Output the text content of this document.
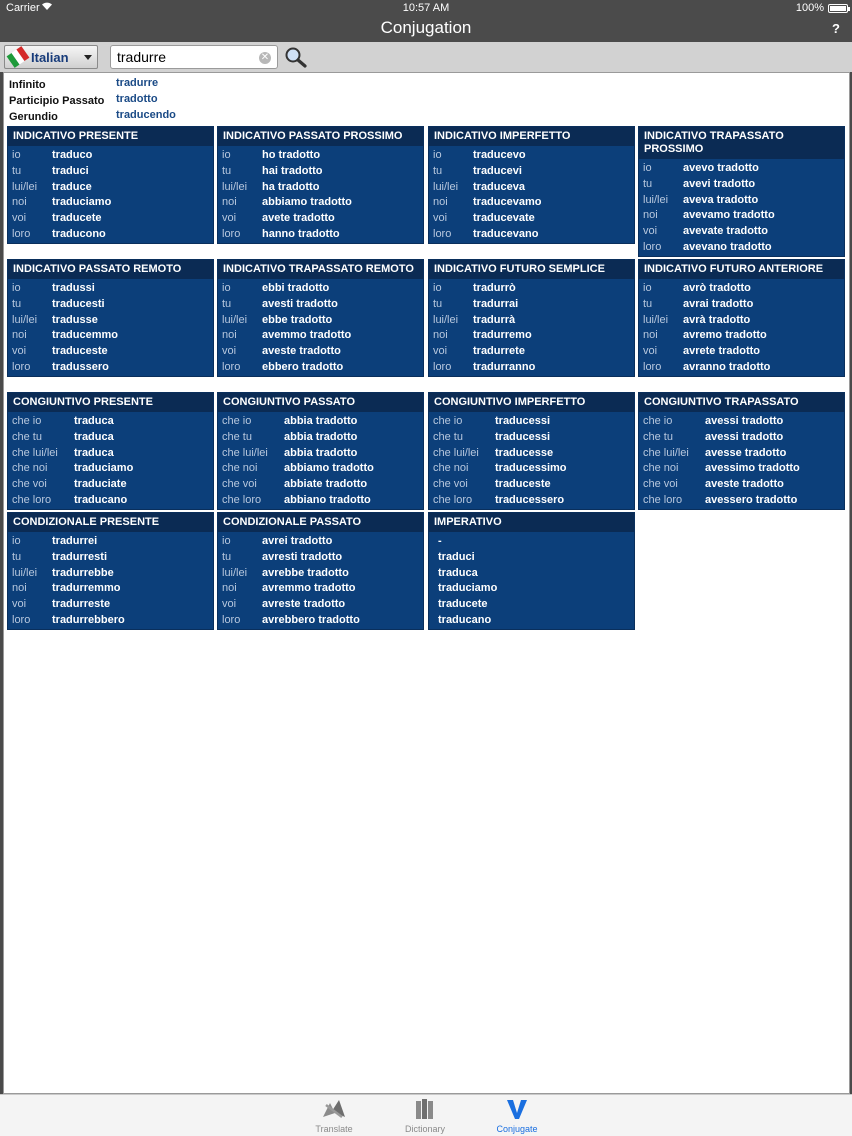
Carrier	10:57 AM	100%
Conjugation	?
Italian
tradurre	✕
Infinito	tradurre
Participio Passato tradotto
Gerundio	traducendo
INDICATIVO PRESENTE
io	traduco
tu	traduci
lui/lei traduce
noi traduciamo
voi traducete
loro traducono
INDICATIVO PASSATO PROSSIMO
io	ho tradotto
tu	hai tradotto
lui/lei ha tradotto
noi abbiamo tradotto
voi avete tradotto
loro hanno tradotto
INDICATIVO IMPERFETTO
io	traducevo
tu	traducevi
lui/lei traduceva
noi traducevamo
voi traducevate
loro traducevano
INDICATIVO TRAPASSATO PROSSIMO
io	avevo tradotto
tu	avevi tradotto
lui/lei aveva tradotto
noi avevamo tradotto
voi avevate tradotto
loro avevano tradotto
INDICATIVO PASSATO REMOTO
io	tradussi
tu	traducesti
lui/lei tradusse
noi traducemmo
voi traduceste
loro tradussero
INDICATIVO TRAPASSATO REMOTO
io	ebbi tradotto
tu	avesti tradotto
lui/lei ebbe tradotto
noi avemmo tradotto
voi aveste tradotto
loro ebbero tradotto
INDICATIVO FUTURO SEMPLICE
io	tradurrò
tu	tradurrai
lui/lei tradurrà
noi tradurremo
voi tradurrete
loro tradurranno
INDICATIVO FUTURO ANTERIORE
io	avrò tradotto
tu	avrai tradotto
lui/lei avrà tradotto
noi avremo tradotto
voi avrete tradotto
loro avranno tradotto
CONGIUNTIVO PRESENTE
che io	traduca
che tu	traduca
che lui/lei traduca
che noi traduciamo
che voi traduciate
che loro traducano
CONGIUNTIVO PASSATO
che io	abbia tradotto
che tu	abbia tradotto
che lui/lei abbia tradotto
che noi abbiamo tradotto
che voi abbiate tradotto
che loro abbiano tradotto
CONGIUNTIVO IMPERFETTO
che io	traducessi
che tu	traducessi
che lui/lei traducesse
che noi traducessimo
che voi traduceste
che loro traducessero
CONGIUNTIVO TRAPASSATO
che io	avessi tradotto
che tu	avessi tradotto
che lui/lei avesse tradotto
che noi avessimo tradotto
che voi aveste tradotto
che loro avessero tradotto
CONDIZIONALE PRESENTE
io	tradurrei
tu	tradurresti
lui/lei tradurrebbe
noi tradurremmo
voi tradurreste
loro tradurrebbero
CONDIZIONALE PASSATO
io	avrei tradotto
tu	avresti tradotto
lui/lei avrebbe tradotto
noi avremmo tradotto
voi avreste tradotto
loro avrebbero tradotto
IMPERATIVO
-
traduci
traduca
traduciamo
traducete
traducano
Translate	Dictionary	Conjugate
